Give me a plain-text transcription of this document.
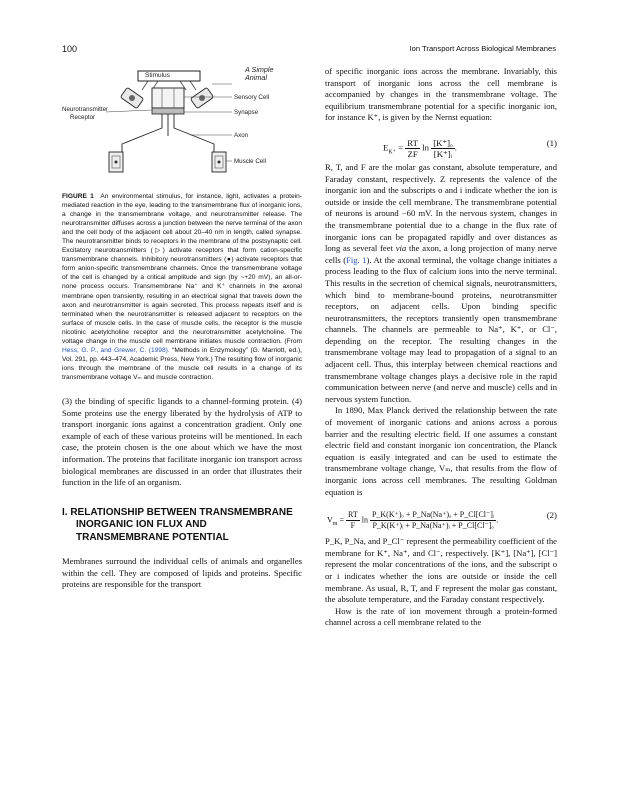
100	Ion Transport Across Biological Membranes
A Simple
Animal
Stimulus
Sensory Cell
Synapse
Axon
Muscle Cell
Neurotransmitter
Receptor

FIGURE 1 An environmental stimulus, for instance, light, activates a protein-mediated reaction in the eye, leading to the transmembrane flux of inorganic ions, a change in the transmembrane voltage, and neurotransmitter release. The neurotransmitter diffuses across a junction between the nerve terminal of the axon and the cell body of the adjacent cell about 20–40 nm in length, called synapse. The neurotransmitter binds to receptors in the membrane of the postsynaptic cell. Excitatory neurotransmitters (▷) activate receptors that form cation-specific transmembrane channels. Inhibitory neurotransmitters (●) activate receptors that form anion-specific transmembrane channels. Once the transmembrane voltage of the cell is changed by a critical amplitude and sign (by ~+20 mV), an all-or-none process occurs. Transmembrane Na⁺ and K⁺ channels in the axonal membrane open transiently, resulting in an electrical signal that travels down the axon and neurotransmitter is again secreted. This process repeats itself and is terminated when the neurotransmitter is released adjacent to receptors on the surface of muscle cells. In the case of muscle cells, the receptor is the muscle nicotinic acetylcholine receptor and the neurotransmitter acetylcholine. The voltage change in the muscle cell membrane initiates muscle contraction. (From Hess, G. P., and Grewer, C. (1998). “Methods in Enzymology” (G. Marriott, ed.), Vol. 291, pp. 443–474, Academic Press, New York.) The resulting flow of inorganic ions through the membrane of the muscle cell results in a change of its transmembrane voltage Vₘ and muscle contraction.

(3) the binding of specific ligands to a channel-forming protein. (4) Some proteins use the energy liberated by the hydrolysis of ATP to transport inorganic ions against a concentration gradient. Only one example of each of these various proteins will be mentioned. In each case, the protein chosen is the one about which we have the most information. The proteins that facilitate inorganic ion transport across biological membranes are discussed in an order that illustrates their function in the life of an organism.

I. RELATIONSHIP BETWEEN TRANSMEMBRANE INORGANIC ION FLUX AND TRANSMEMBRANE POTENTIAL

Membranes surround the individual cells of animals and organelles within the cell. They are composed of lipids and proteins. Specific proteins are responsible for the transport

of specific inorganic ions across the membrane. Invariably, this transport of inorganic ions across the cell membrane is accompanied by changes in the transmembrane voltage. The equilibrium transmembrane potential for a specific inorganic ion, for instance K⁺, is given by the Nernst equation:

$E_{K^+} = \frac{RT}{ZF}$ $\ln \frac{\text{[K⁺]ₒ}}{\text{[K⁺]ᵢ}}$ .	(1)

R, T, and F are the molar gas constant, absolute temperature, and Faraday constant, respectively. Z represents the valence of the inorganic ion and the subscripts o and i indicate whether the ion is outside or inside the cell membrane. The transmembrane potential of neurons is around −60 mV. In the nervous system, changes in the transmembrane potential due to a change in the flux rate of inorganic ions can be propagated rapidly and over distances as long as several feet via the axon, a long projection of many nerve cells (Fig. 1). At the axonal terminal, the voltage change initiates a process leading to the flux of calcium ions into the nerve terminal. This results in the secretion of chemical signals, neurotransmitters, which bind to membrane-bound proteins, neurotransmitter receptors, on adjacent cells. Upon binding specific neurotransmitters, the receptors transiently open transmembrane channels. The channels are permeable to Na⁺, K⁺, or Cl⁻, depending on the receptor. The resulting changes in the transmembrane voltage may lead to propagation of a signal to an adjacent cell. Thus, this interplay between chemical reactions and transmembrane voltage changes plays a decisive role in the rapid communication between nerve (and nerve and muscle) cells and in nervous system function.

In 1890, Max Planck derived the relationship between the rate of movement of inorganic cations and anions across a porous barrier and the resulting electric field. If one assumes a constant electric field and constant inorganic ion concentration, the Planck equation is easily integrated and can be used to estimate the transmembrane voltage change, Vₘ, that results from the flow of inorganic ions across cell membranes. The resulting Goldman equation is

$V_m = \frac{RT}{F}$ $\ln \frac{\text{P\_K(K⁺)ₒ + P\_Na(Na⁺)ₒ + P\_Cl[Cl⁻]ᵢ}}{\text{P\_K(K⁺)ᵢ + P\_Na(Na⁺)ᵢ + P\_Cl[Cl⁻]ₒ}}$ .	(2)

P_K, P_Na, and P_Cl⁻ represent the permeability coefficient of the membrane for K⁺, Na⁺, and Cl⁻, respectively. [K⁺], [Na⁺], [Cl⁻] represent the molar concentrations of the ions, and the subscript o or i indicates whether the ions are outside or inside the cell membrane. As usual, R, T, and F represent the molar gas constant, the absolute temperature, and the Faraday constant respectively.

How is the rate of ion movement through a protein-formed channel across a cell membrane related to the
